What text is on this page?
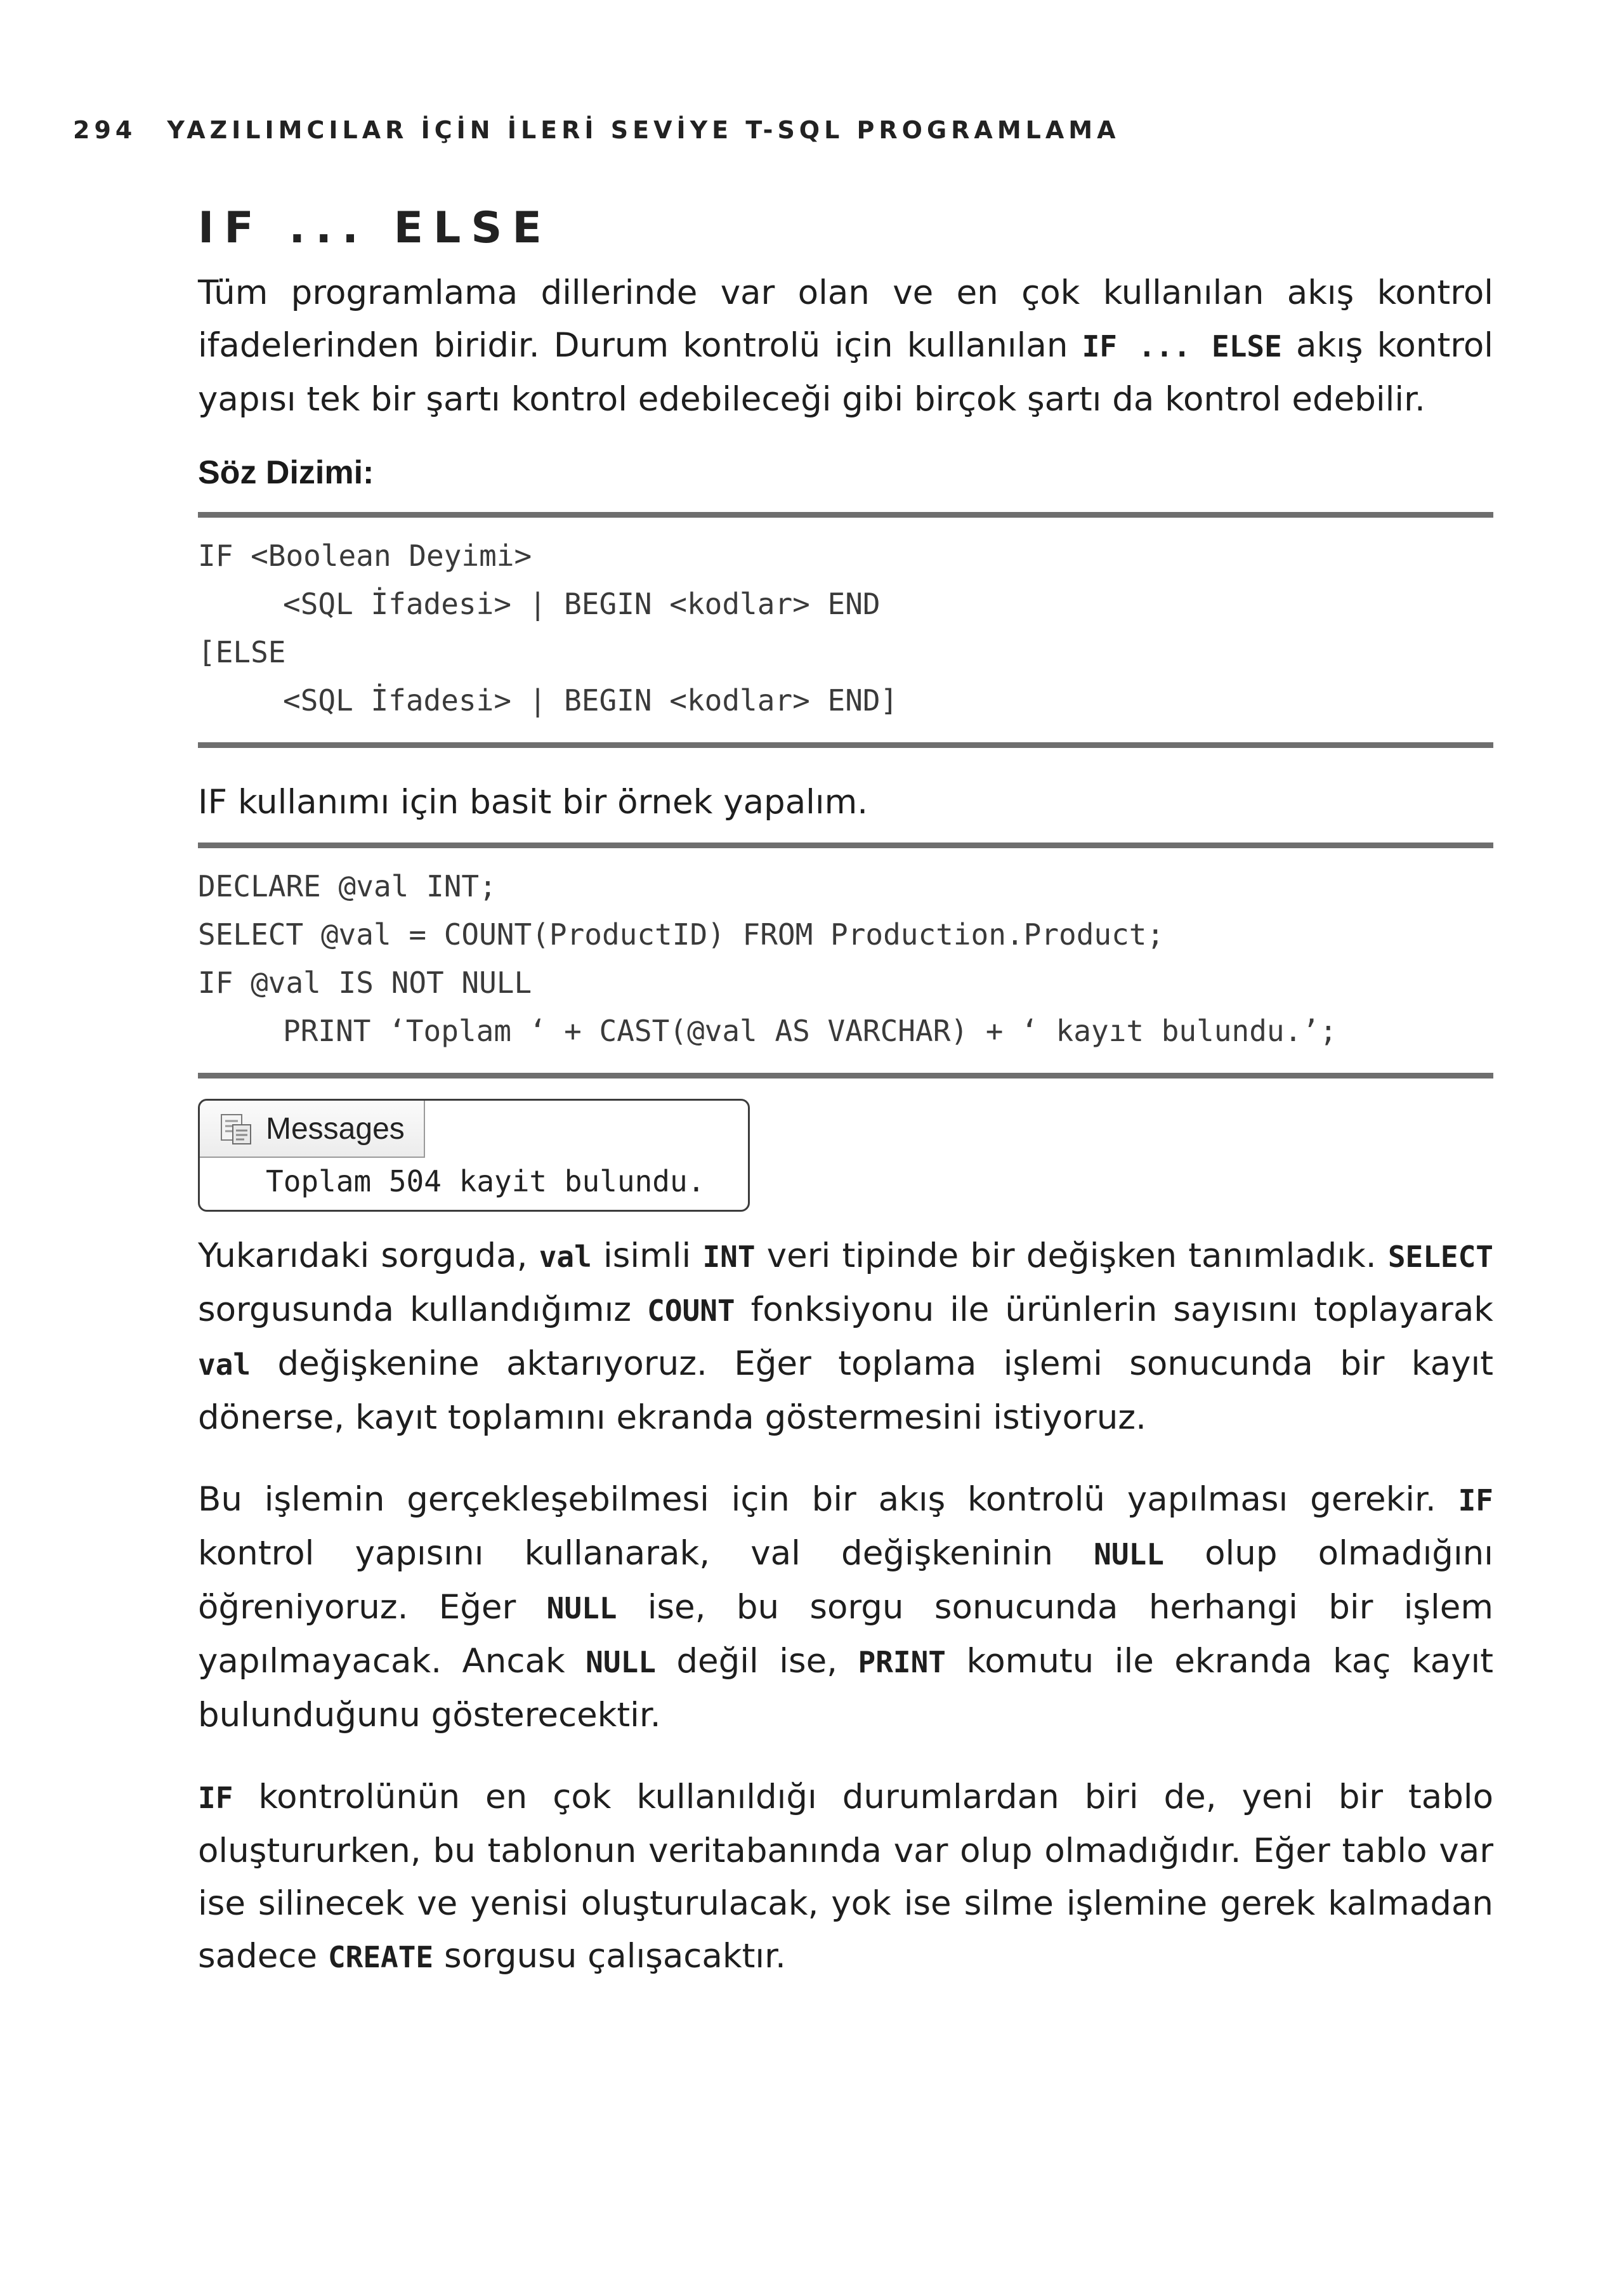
294 YAZILIMCILAR İÇİN İLERİ SEVİYE T-SQL PROGRAMLAMA
IF ... ELSE

Tüm programlama dillerinde var olan ve en çok kullanılan akış kontrol ifadelerinden biridir. Durum kontrolü için kullanılan IF ... ELSE akış kontrol yapısı tek bir şartı kontrol edebileceği gibi birçok şartı da kontrol edebilir.

Söz Dizimi:
IF <Boolean Deyimi>
<SQL İfadesi> | BEGIN <kodlar> END
[ELSE
<SQL İfadesi> | BEGIN <kodlar> END]

IF kullanımı için basit bir örnek yapalım.

DECLARE @val INT;
SELECT @val = COUNT(ProductID) FROM Production.Product;
IF @val IS NOT NULL
PRINT ‘Toplam ‘ + CAST(@val AS VARCHAR) + ‘ kayıt bulundu.’;
Messages
Toplam 504 kayit bulundu.

Yukarıdaki sorguda, val isimli INT veri tipinde bir değişken tanımladık. SELECT sorgusunda kullandığımız COUNT fonksiyonu ile ürünlerin sayısını toplayarak val değişkenine aktarıyoruz. Eğer toplama işlemi sonucunda bir kayıt dönerse, kayıt toplamını ekranda göstermesini istiyoruz.

Bu işlemin gerçekleşebilmesi için bir akış kontrolü yapılması gerekir. IF kontrol yapısını kullanarak, val değişkeninin NULL olup olmadığını öğreniyoruz. Eğer NULL ise, bu sorgu sonucunda herhangi bir işlem yapılmayacak. Ancak NULL değil ise, PRINT komutu ile ekranda kaç kayıt bulunduğunu gösterecektir.

IF kontrolünün en çok kullanıldığı durumlardan biri de, yeni bir tablo oluştururken, bu tablonun veritabanında var olup olmadığıdır. Eğer tablo var ise silinecek ve yenisi oluşturulacak, yok ise silme işlemine gerek kalmadan sadece CREATE sorgusu çalışacaktır.
